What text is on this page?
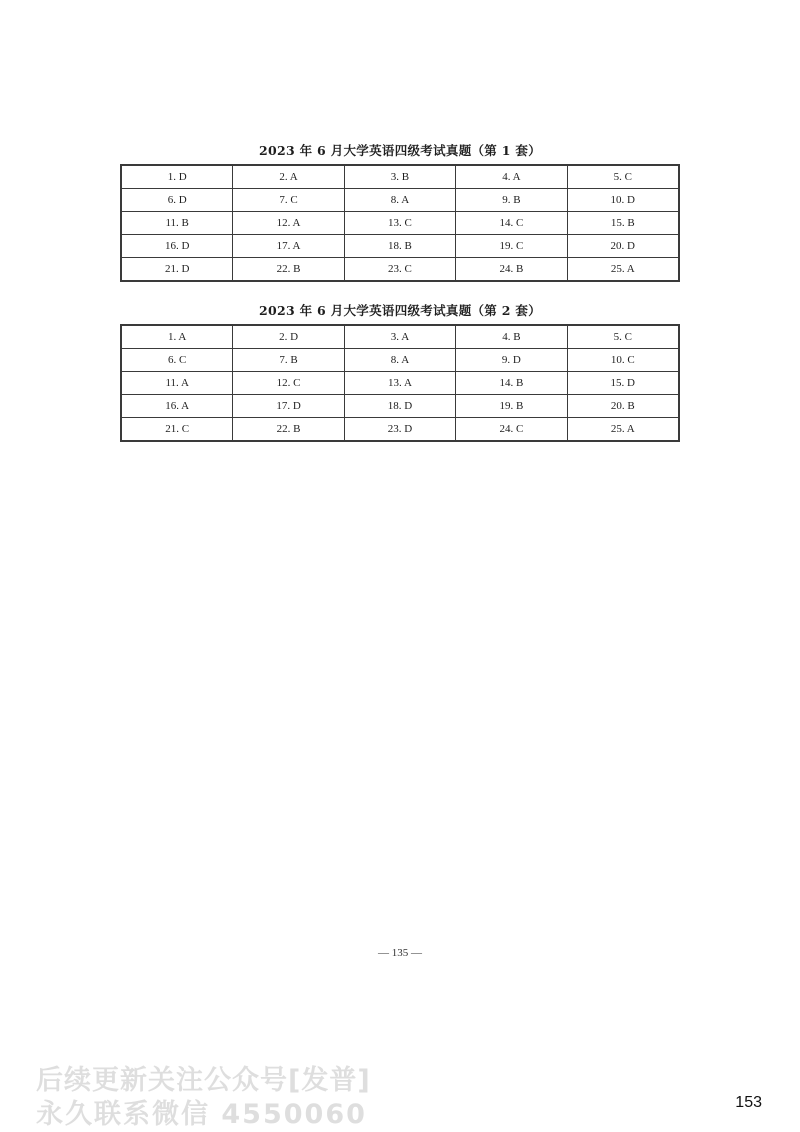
2023 年 6 月大学英语四级考试真题（第 1 套）
1. D	2. A	3. B	4. A	5. C
6. D	7. C	8. A	9. B	10. D
11. B	12. A	13. C	14. C	15. B
16. D	17. A	18. B	19. C	20. D
21. D	22. B	23. C	24. B	25. A
2023 年 6 月大学英语四级考试真题（第 2 套）
1. A	2. D	3. A	4. B	5. C
6. C	7. B	8. A	9. D	10. C
11. A	12. C	13. A	14. B	15. D
16. A	17. D	18. D	19. B	20. B
21. C	22. B	23. D	24. C	25. A
— 135 —
后续更新关注公众号[发普]
永久联系微信 4550060	153
